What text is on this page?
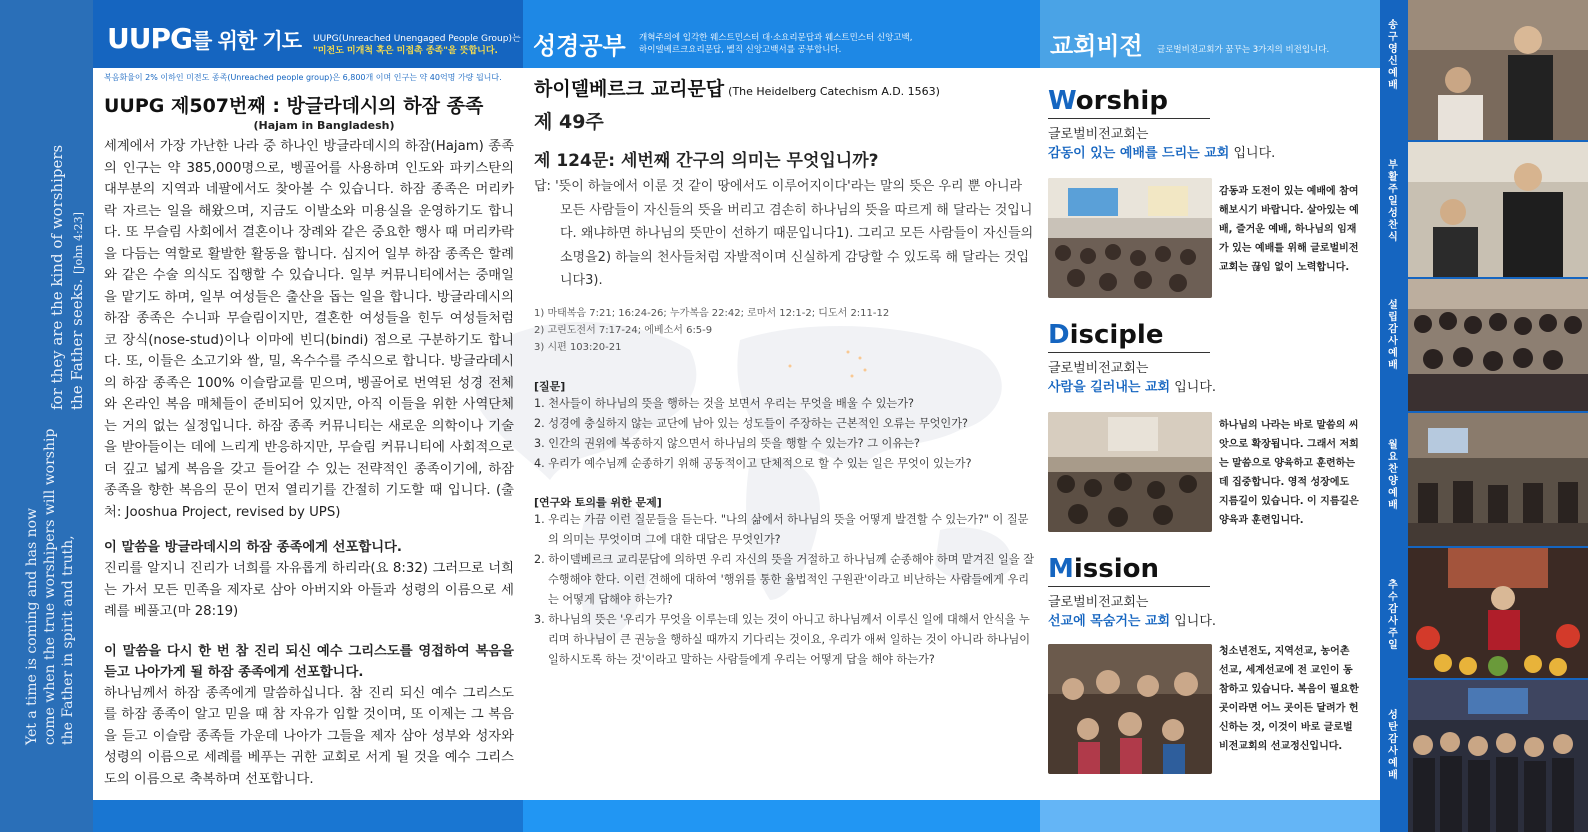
Yet a time is coming and has now come when the true worshipers will worship the Father in spirit and truth,
for they are the kind of worshipers the Father seeks. [John 4:23]
UUPG를 위한 기도 UUPG(Unreached Unengaged People Group)는
"미전도 미개척 혹은 미접촉 종족"을 뜻합니다.	성경공부 개혁주의에 입각한 웨스트민스터 대·소요리문답과 웨스트민스터 신앙고백,
하이델베르크요리문답, 벨직 신앙고백서를 공부합니다.	교회비전 글로벌비전교회가 꿈꾸는 3가지의 비전입니다.
복음화율이 2% 이하인 미전도 종족(Unreached people group)은 6,800개 이며 인구는 약 40억명 가량 됩니다.
UUPG 제507번째 : 방글라데시의 하잠 종족
(Hajam in Bangladesh)
세계에서 가장 가난한 나라 중 하나인 방글라데시의 하잠(Hajam) 종족의 인구는 약 385,000명으로, 벵골어를 사용하며 인도와 파키스탄의 대부분의 지역과 네팔에서도 찾아볼 수 있습니다. 하잠 종족은 머리카락 자르는 일을 해왔으며, 지금도 이발소와 미용실을 운영하기도 합니다. 또 무슬림 사회에서 결혼이나 장례와 같은 중요한 행사 때 머리카락을 다듬는 역할로 활발한 활동을 합니다. 심지어 일부 하잠 종족은 할례와 같은 수술 의식도 집행할 수 있습니다. 일부 커뮤니티에서는 중매일을 맡기도 하며, 일부 여성들은 출산을 돕는 일을 합니다. 방글라데시의 하잠 종족은 수니파 무슬림이지만, 결혼한 여성들을 힌두 여성들처럼 코 장식(nose-stud)이나 이마에 빈디(bindi) 점으로 구분하기도 합니다. 또, 이들은 소고기와 쌀, 밀, 옥수수를 주식으로 합니다. 방글라데시의 하잠 종족은 100% 이슬람교를 믿으며, 벵골어로 번역된 성경 전체와 온라인 복음 매체들이 준비되어 있지만, 아직 이들을 위한 사역단체는 거의 없는 실정입니다. 하잠 종족 커뮤니티는 새로운 의학이나 기술을 받아들이는 데에 느리게 반응하지만, 무슬림 커뮤니티에 사회적으로 더 깊고 넓게 복음을 갖고 들어갈 수 있는 전략적인 종족이기에, 하잠 종족을 향한 복음의 문이 먼저 열리기를 간절히 기도할 때 입니다. (출처: Jooshua Project, revised by UPS)
이 말씀을 방글라데시의 하잠 종족에게 선포합니다.
진리를 알지니 진리가 너희를 자유롭게 하리라(요 8:32) 그러므로 너희는 가서 모든 민족을 제자로 삼아 아버지와 아들과 성령의 이름으로 세례를 베풀고(마 28:19)
이 말씀을 다시 한 번 참 진리 되신 예수 그리스도를 영접하여 복음을 듣고 나아가게 될 하잠 종족에게 선포합니다.
하나님께서 하잠 종족에게 말씀하십니다. 참 진리 되신 예수 그리스도를 하잠 종족이 알고 믿을 때 참 자유가 임할 것이며, 또 이제는 그 복음을 듣고 이슬람 종족들 가운데 나아가 그들을 제자 삼아 성부와 성자와 성령의 이름으로 세례를 베푸는 귀한 교회로 서게 될 것을 예수 그리스도의 이름으로 축복하며 선포합니다.
하이델베르크 교리문답 (The Heidelberg Catechism A.D. 1563)
제 49주
제 124문: 세번째 간구의 의미는 무엇입니까?
답: '뜻이 하늘에서 이룬 것 같이 땅에서도 이루어지이다'라는 말의 뜻은 우리 뿐 아니라 모든 사람들이 자신들의 뜻을 버리고 겸손히 하나님의 뜻을 따르게 해 달라는 것입니다. 왜냐하면 하나님의 뜻만이 선하기 때문입니다1). 그리고 모든 사람들이 자신들의 소명을2) 하늘의 천사들처럼 자발적이며 신실하게 감당할 수 있도록 해 달라는 것입니다3).
1) 마태복음 7:21; 16:24-26; 누가복음 22:42; 로마서 12:1-2; 디도서 2:11-12
2) 고린도전서 7:17-24; 에베소서 6:5-9
3) 시편 103:20-21
[질문]
1. 천사들이 하나님의 뜻을 행하는 것을 보면서 우리는 무엇을 배울 수 있는가?
2. 성경에 충실하지 않는 교단에 남아 있는 성도들이 주장하는 근본적인 오류는 무엇인가?
3. 인간의 권위에 복종하지 않으면서 하나님의 뜻을 행할 수 있는가? 그 이유는?
4. 우리가 예수님께 순종하기 위해 공동적이고 단체적으로 할 수 있는 일은 무엇이 있는가?
[연구와 토의를 위한 문제]
1. 우리는 가끔 이런 질문들을 듣는다. "나의 삶에서 하나님의 뜻을 어떻게 발견할 수 있는가?" 이 질문의 의미는 무엇이며 그에 대한 대답은 무엇인가?
2. 하이델베르크 교리문답에 의하면 우리 자신의 뜻을 거절하고 하나님께 순종해야 하며 맡겨진 일을 잘 수행해야 한다. 이런 견해에 대하여 '행위를 통한 율법적인 구원관'이라고 비난하는 사람들에게 우리는 어떻게 답해야 하는가?
3. 하나님의 뜻은 '우리가 무엇을 이루는데 있는 것이 아니고 하나님께서 이루신 일에 대해서 안식을 누리며 하나님이 큰 권능을 행하실 때까지 기다리는 것이요, 우리가 애써 일하는 것이 아니라 하나님이 일하시도록 하는 것'이라고 말하는 사람들에게 우리는 어떻게 답을 해야 하는가?
Worship
글로벌비전교회는
감동이 있는 예배를 드리는 교회 입니다.
감동과 도전이 있는 예배에 참여해보시기 바랍니다. 살아있는 예배, 즐거운 예배, 하나님의 임재가 있는 예배를 위해 글로벌비전교회는 끊임 없이 노력합니다.
Disciple
글로벌비전교회는
사람을 길러내는 교회 입니다.
하나님의 나라는 바로 말씀의 씨앗으로 확장됩니다. 그래서 저희는 말씀으로 양육하고 훈련하는데 집중합니다. 영적 성장에도 지름길이 있습니다. 이 지름길은 양육과 훈련입니다.
Mission
글로벌비전교회는
선교에 목숨거는 교회 입니다.
청소년전도, 지역선교, 농어촌선교, 세계선교에 전 교인이 동참하고 있습니다. 복음이 필요한 곳이라면 어느 곳이든 달려가 헌신하는 것, 이것이 바로 글로벌비전교회의 선교정신입니다.
송
구
영
신
예
배
부
활
주
일
성
찬
식
설
립
감
사
예
배
월
요
찬
양
예
배
추
수
감
사
주
일
성
탄
감
사
예
배
